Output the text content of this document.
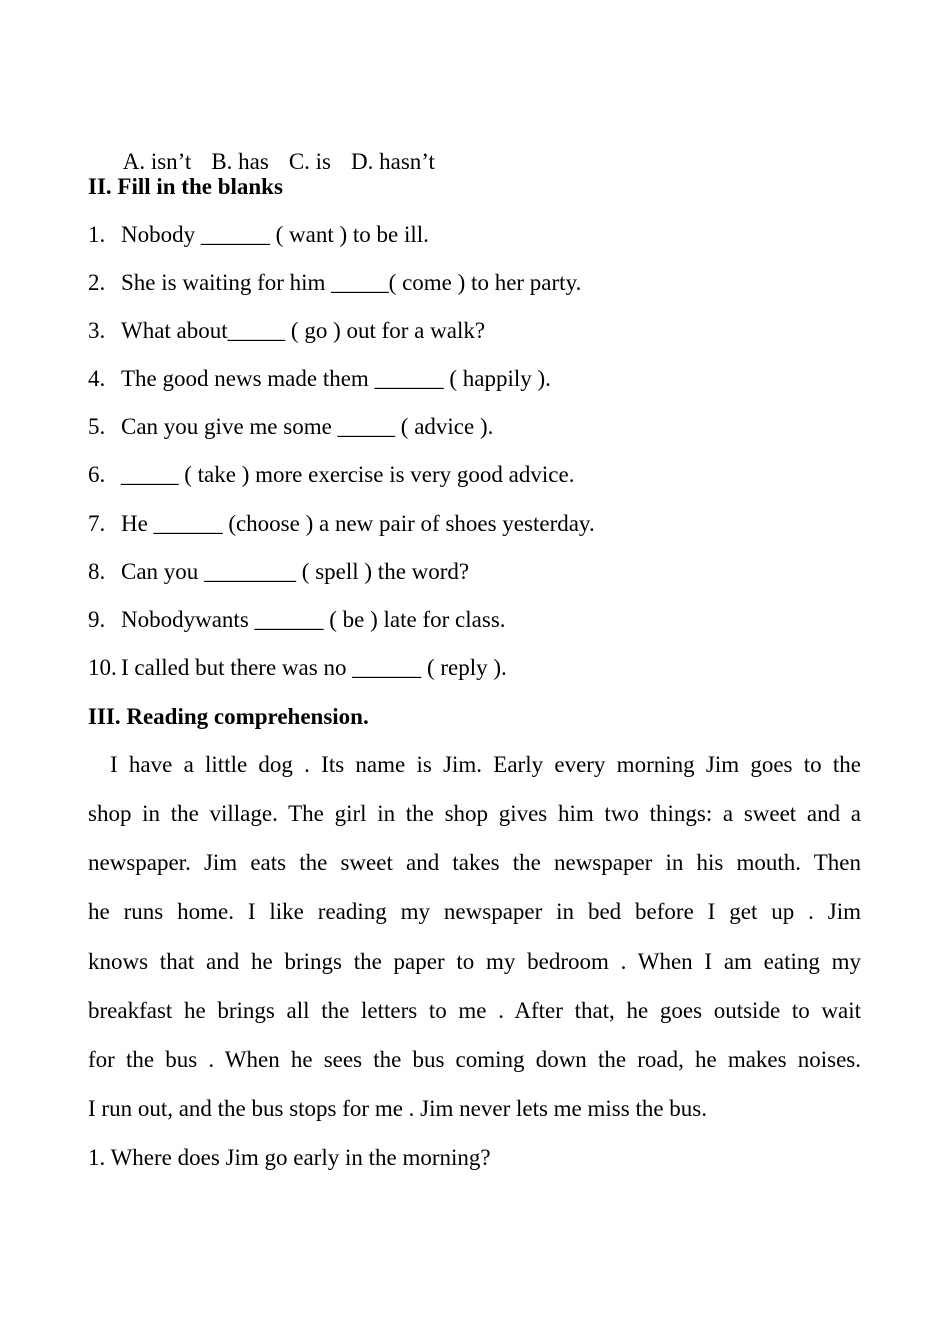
A. isn’t B. has C. is D. hasn’t

II. Fill in the blanks
1. Nobody ______ ( want ) to be ill.
2. She is waiting for him _____( come ) to her party.
3. What about_____ ( go ) out for a walk?
4. The good news made them ______ ( happily ).
5. Can you give me some _____ ( advice ).
6. _____ ( take ) more exercise is very good advice.
7. He ______ (choose ) a new pair of shoes yesterday.
8. Can you ________ ( spell ) the word?
9. Nobodywants ______ ( be ) late for class.
10. I called but there was no ______ ( reply ).
III. Reading comprehension.
I have a little dog . Its name is Jim. Early every morning Jim goes to the
shop in the village. The girl in the shop gives him two things: a sweet and a
newspaper. Jim eats the sweet and takes the newspaper in his mouth. Then
he runs home. I like reading my newspaper in bed before I get up . Jim
knows that and he brings the paper to my bedroom . When I am eating my
breakfast he brings all the letters to me . After that, he goes outside to wait
for the bus . When he sees the bus coming down the road, he makes noises.
I run out, and the bus stops for me . Jim never lets me miss the bus.
1. Where does Jim go early in the morning?
